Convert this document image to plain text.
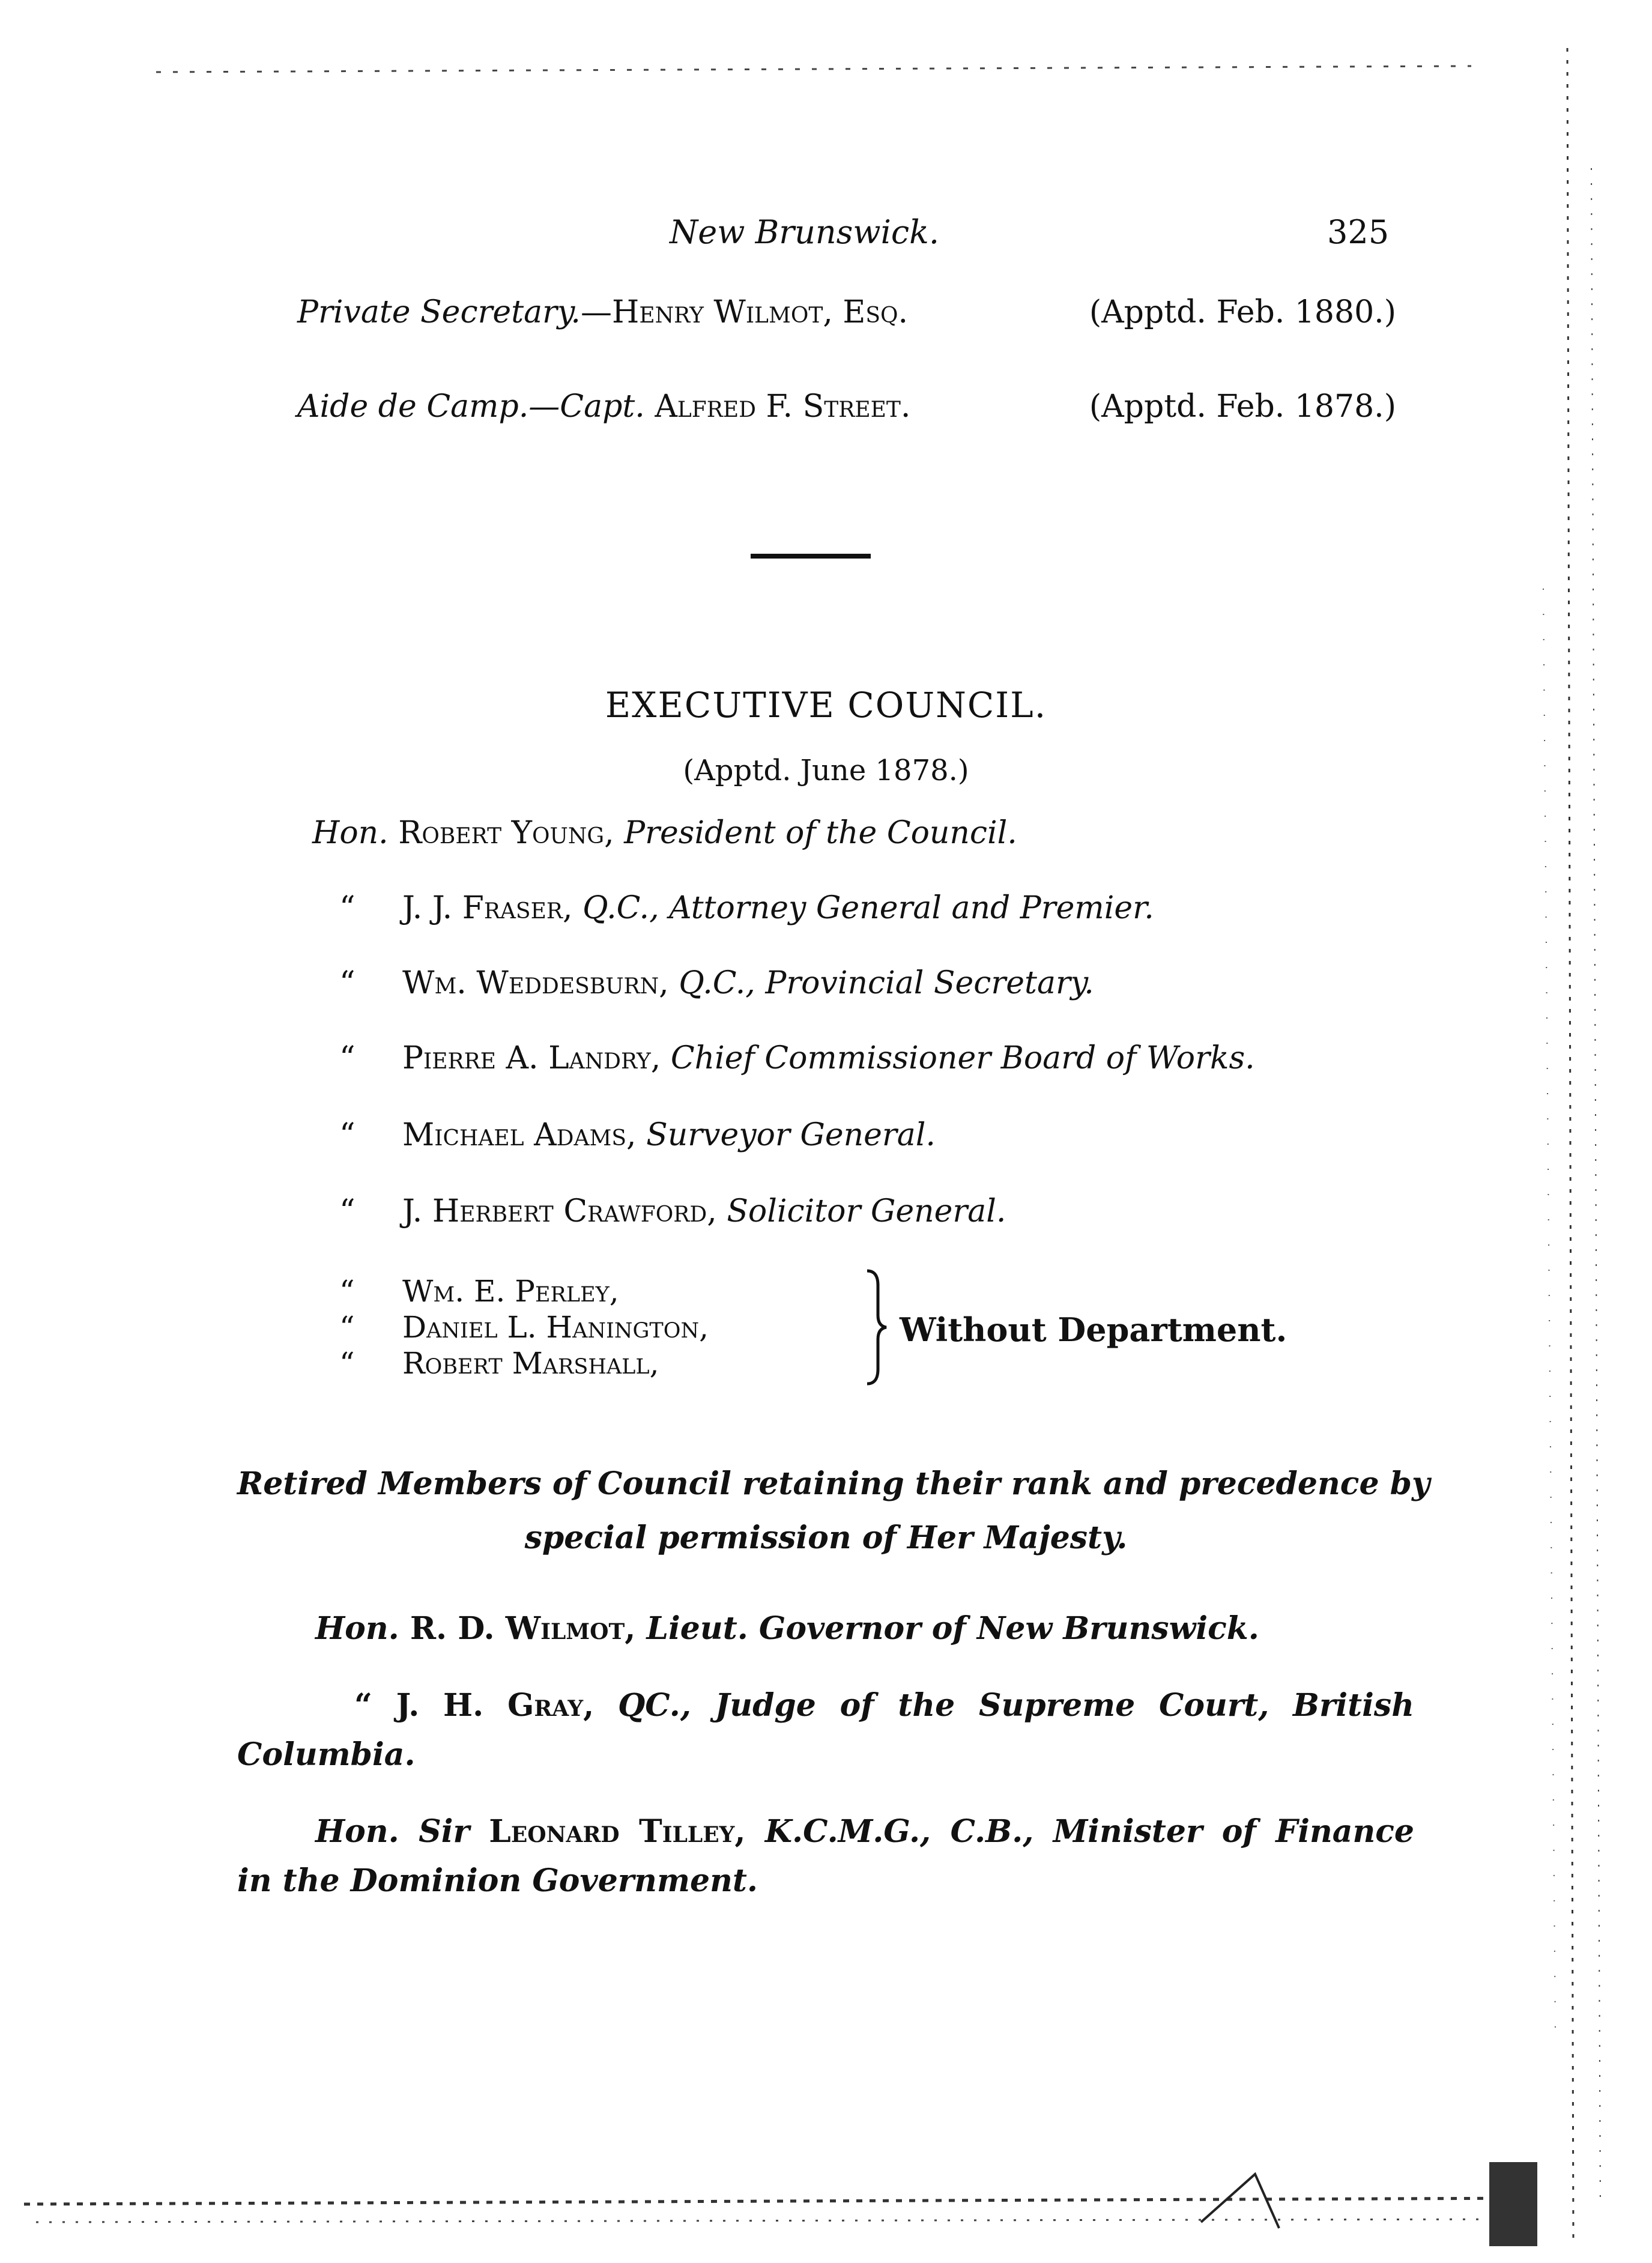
New Brunswick.	325
Private Secretary.—Henry Wilmot, Esq.	(Apptd. Feb. 1880.)
Aide de Camp.—Capt. Alfred F. Street.	(Apptd. Feb. 1878.)
EXECUTIVE COUNCIL.
(Apptd. June 1878.)
Hon. Robert Young, President of the Council.
“ J. J. Fraser, Q.C., Attorney General and Premier.
“ Wm. Weddesburn, Q.C., Provincial Secretary.
“ Pierre A. Landry, Chief Commissioner Board of Works.
“ Michael Adams, Surveyor General.
“ J. Herbert Crawford, Solicitor General.
“ Wm. E. Perley,
“ Daniel L. Hanington,
“ Robert Marshall,
Without Department.
Retired Members of Council retaining their rank and precedence by
special permission of Her Majesty.
Hon. R. D. Wilmot, Lieut. Governor of New Brunswick.
“ J. H. Gray, QC., Judge of the Supreme Court, British
Columbia.
Hon. Sir Leonard Tilley, K.C.M.G., C.B., Minister of Finance
in the Dominion Government.
